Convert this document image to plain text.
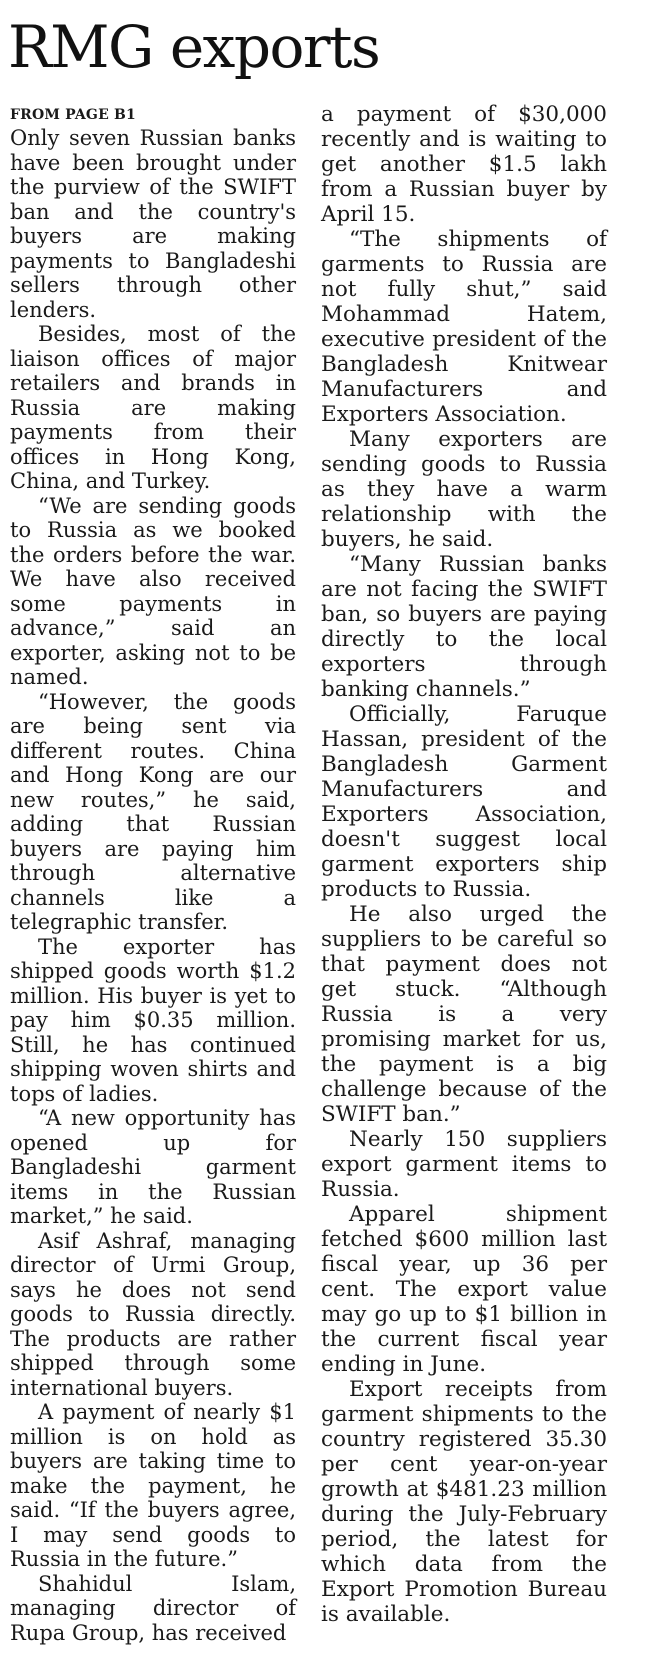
RMG exports

FROM PAGE B1

Only seven Russian banks have been brought under the purview of the SWIFT ban and the country's buyers are making payments to Bangladeshi sellers through other lenders.

Besides, most of the liaison offices of major retailers and brands in Russia are making payments from their offices in Hong Kong, China, and Turkey.

“We are sending goods to Russia as we booked the orders before the war. We have also received some payments in advance,” said an exporter, asking not to be named.

“However, the goods are being sent via different routes. China and Hong Kong are our new routes,” he said, adding that Russian buyers are paying him through alternative channels like a telegraphic transfer.

The exporter has shipped goods worth $1.2 million. His buyer is yet to pay him $0.35 million. Still, he has continued shipping woven shirts and tops of ladies.

“A new opportunity has opened up for Bangladeshi garment items in the Russian market,” he said.

Asif Ashraf, managing director of Urmi Group, says he does not send goods to Russia directly. The products are rather shipped through some international buyers.

A payment of nearly $1 million is on hold as buyers are taking time to make the payment, he said. “If the buyers agree, I may send goods to Russia in the future.”

Shahidul Islam, managing director of Rupa Group, has received

a payment of $30,000 recently and is waiting to get another $1.5 lakh from a Russian buyer by April 15.

“The shipments of garments to Russia are not fully shut,” said Mohammad Hatem, executive president of the Bangladesh Knitwear Manufacturers and Exporters Association.

Many exporters are sending goods to Russia as they have a warm relationship with the buyers, he said.

“Many Russian banks are not facing the SWIFT ban, so buyers are paying directly to the local exporters through banking channels.”

Officially, Faruque Hassan, president of the Bangladesh Garment Manufacturers and Exporters Association, doesn't suggest local garment exporters ship products to Russia.

He also urged the suppliers to be careful so that payment does not get stuck. “Although Russia is a very promising market for us, the payment is a big challenge because of the SWIFT ban.”

Nearly 150 suppliers export garment items to Russia.

Apparel shipment fetched $600 million last fiscal year, up 36 per cent. The export value may go up to $1 billion in the current fiscal year ending in June.

Export receipts from garment shipments to the country registered 35.30 per cent year-on-year growth at $481.23 million during the July-February period, the latest for which data from the Export Promotion Bureau is available.
